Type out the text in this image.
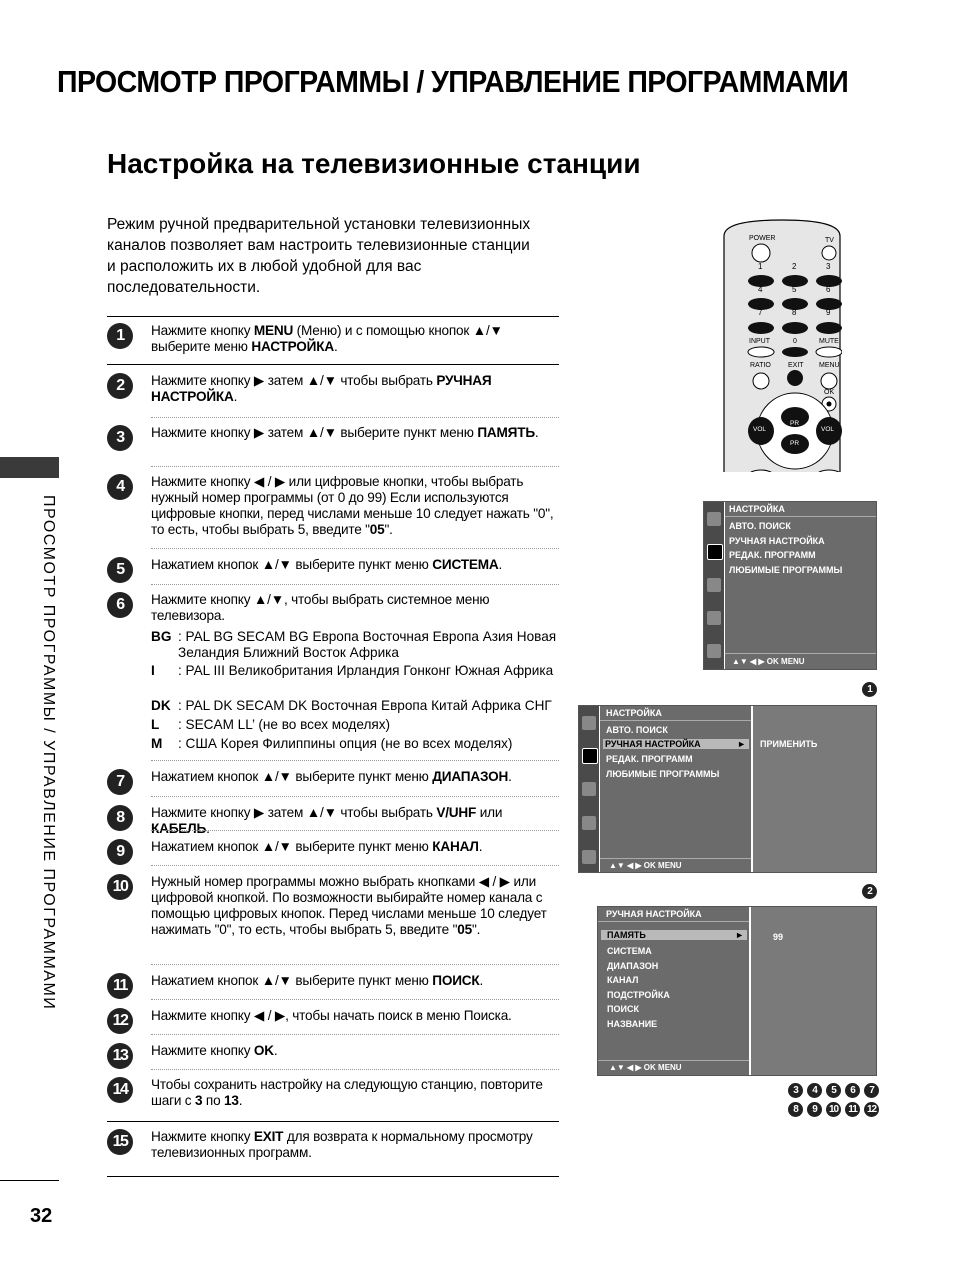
ПРОСМОТР ПРОГРАММЫ / УПРАВЛЕНИЕ ПРОГРАММАМИ
Настройка на телевизионные станции
Режим ручной предварительной установки телевизионных каналов позволяет вам настроить телевизионные станции и расположить их в любой удобной для вас последовательности.
ПРОСМОТР ПРОГРАММЫ / УПРАВЛЕНИЕ ПРОГРАММАМИ
32
1	Нажмите кнопку MENU (Меню) и с помощью кнопок ▲/▼ выберите меню НАСТРОЙКА.
2	Нажмите кнопку ▶ затем ▲/▼ чтобы выбрать РУЧНАЯ НАСТРОЙКА.
3	Нажмите кнопку ▶ затем ▲/▼ выберите пункт меню ПАМЯТЬ.
4	Нажмите кнопку ◀ / ▶ или цифровые кнопки, чтобы выбрать нужный номер программы (от 0 до 99) Если используются цифровые кнопки, перед числами меньше 10 следует нажать "0", то есть, чтобы выбрать 5, введите "05".
5	Нажатием кнопок ▲/▼ выберите пункт меню СИСТЕМА.
6	Нажмите кнопку ▲/▼, чтобы выбрать системное меню телевизора.
7	Нажатием кнопок ▲/▼ выберите пункт меню ДИАПАЗОН.
8	Нажмите кнопку ▶ затем ▲/▼ чтобы выбрать V/UHF или КАБЕЛЬ.
9	Нажатием кнопок ▲/▼ выберите пункт меню КАНАЛ.
10	Нужный номер программы можно выбрать кнопками ◀ / ▶ или цифровой кнопкой. По возможности выбирайте номер канала с помощью цифровых кнопок. Перед числами меньше 10 следует нажимать "0", то есть, чтобы выбрать 5, введите "05".
11	Нажатием кнопок ▲/▼ выберите пункт меню ПОИСК.
12	Нажмите кнопку ◀ / ▶, чтобы начать поиск в меню Поиска.
13	Нажмите кнопку OK.
14	Чтобы сохранить настройку на следующую станцию, повторите шаги с 3 по 13.
15	Нажмите кнопку EXIT для возврата к нормальному просмотру телевизионных программ.
BG : PAL BG SECAM BG Европа Восточная Европа Азия Новая Зеландия Ближний Восток Африка
I : PAL III Великобритания Ирландия Гонконг Южная Африка
DK : PAL DK SECAM DK Восточная Европа Китай Африка СНГ
L : SECAM LL’ (не во всех моделях)
M : США Корея Филиппины опция (не во всех моделях)
POWER	TV
1	2	3
4	5	6
7	8	9
INPUT	0	MUTE
RATIO EXIT MENU
OK
PR
PR
VOL	VOL
НАСТРОЙКА
АВТО. ПОИСК
РУЧНАЯ НАСТРОЙКА
РЕДАК. ПРОГРАММ
ЛЮБИМЫЕ ПРОГРАММЫ
▲▼ ◀ ▶ OK MENU
1
НАСТРОЙКА
АВТО. ПОИСК
РУЧНАЯ НАСТРОЙКА	►
РЕДАК. ПРОГРАММ
ЛЮБИМЫЕ ПРОГРАММЫ
ПРИМЕНИТЬ
▲▼ ◀ ▶ OK MENU
2
РУЧНАЯ НАСТРОЙКА
ПАМЯТЬ	►
СИСТЕМА
ДИАПАЗОН
КАНАЛ
ПОДСТРОЙКА
ПОИСК
НАЗВАНИЕ
99
▲▼ ◀ ▶ OK MENU
3	4	5	6	7
8	9	10	11	12
